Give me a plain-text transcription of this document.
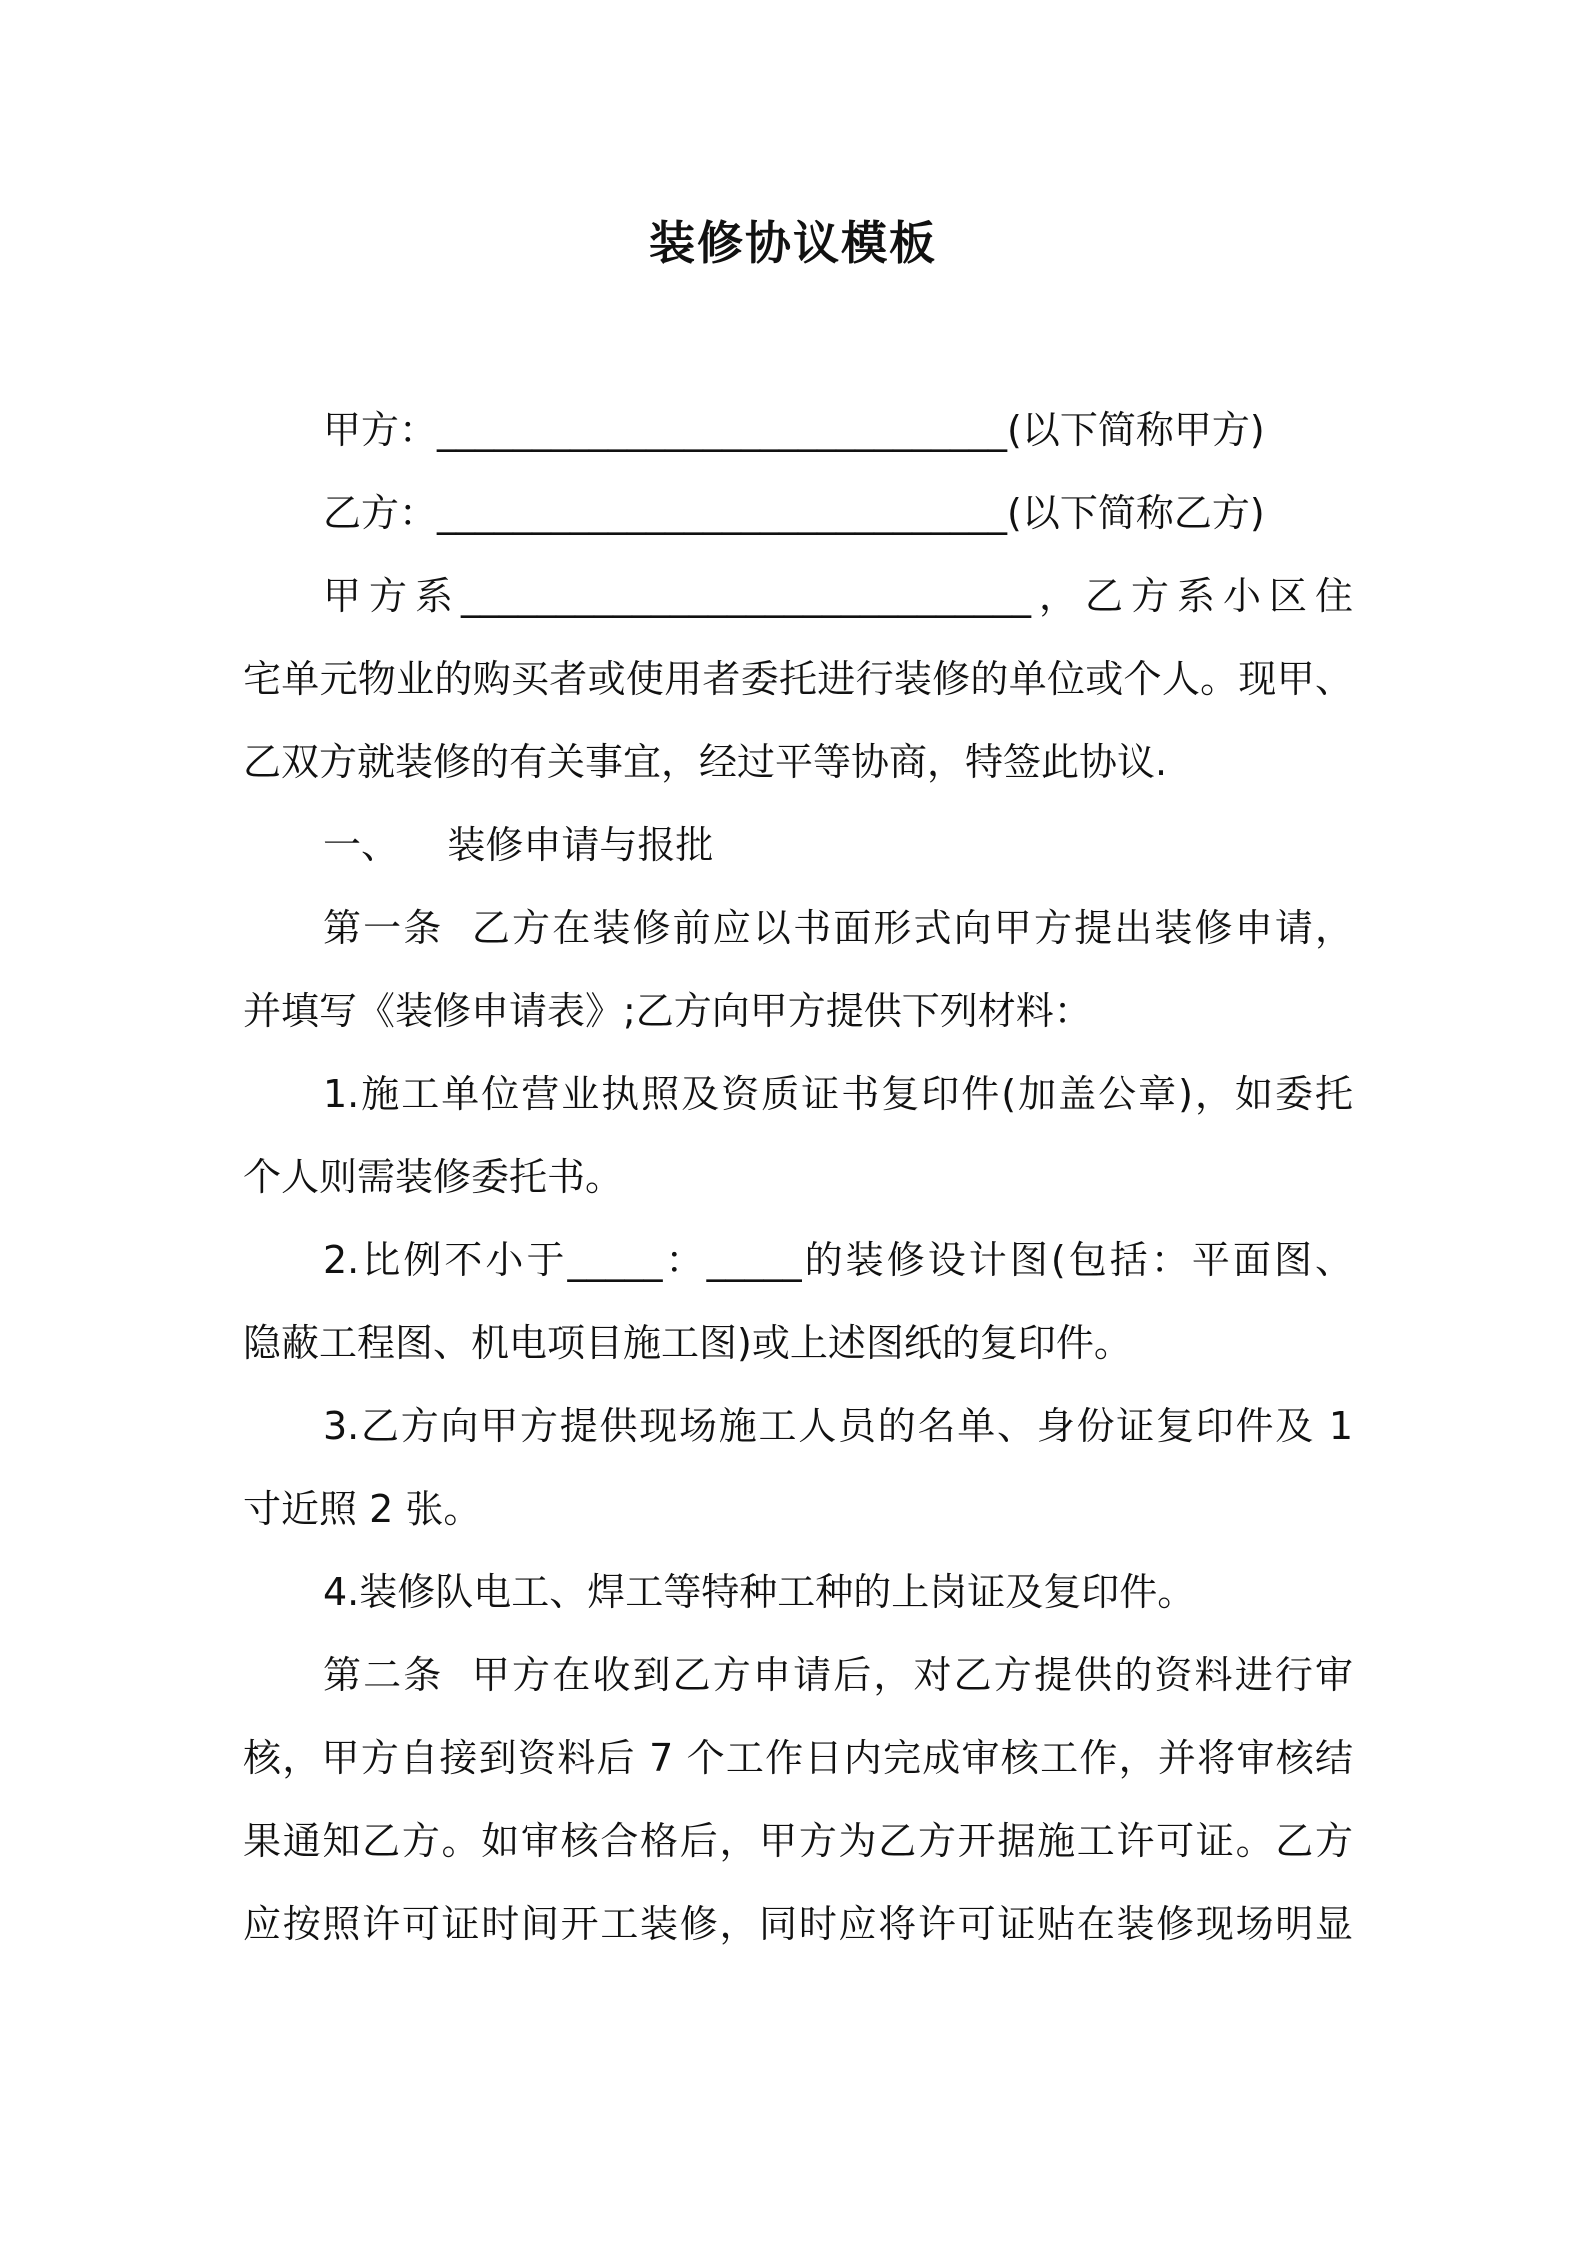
装修协议模板
甲方：______________________________(以下简称甲方)
乙方：______________________________(以下简称乙方)
甲方系______________________________，乙方系小区住
宅单元物业的购买者或使用者委托进行装修的单位或个人。现甲、
乙双方就装修的有关事宜，经过平等协商，特签此协议.
一、    装修申请与报批
第一条  乙方在装修前应以书面形式向甲方提出装修申请，
并填写《装修申请表》;乙方向甲方提供下列材料：
1.施工单位营业执照及资质证书复印件(加盖公章)，如委托
个人则需装修委托书。
2.比例不小于_____：_____的装修设计图(包括：平面图、
隐蔽工程图、机电项目施工图)或上述图纸的复印件。
3.乙方向甲方提供现场施工人员的名单、身份证复印件及 1
寸近照 2 张。
4.装修队电工、焊工等特种工种的上岗证及复印件。
第二条  甲方在收到乙方申请后，对乙方提供的资料进行审
核，甲方自接到资料后 7 个工作日内完成审核工作，并将审核结
果通知乙方。如审核合格后，甲方为乙方开据施工许可证。乙方
应按照许可证时间开工装修，同时应将许可证贴在装修现场明显
